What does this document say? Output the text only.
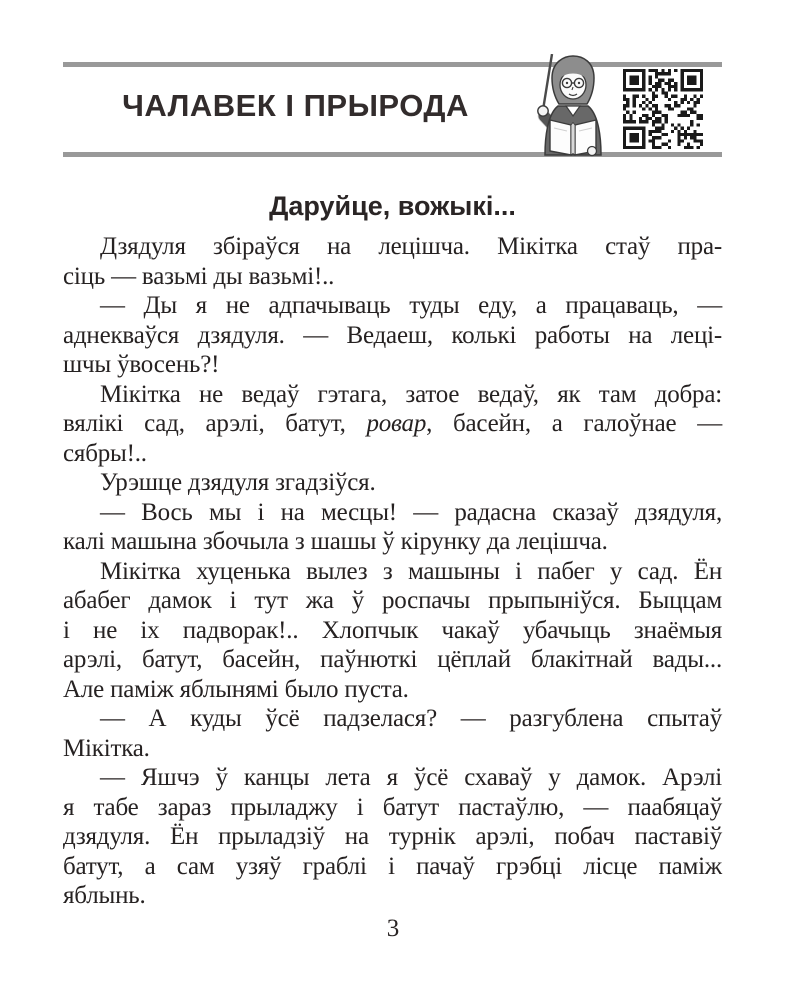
ЧАЛАВЕК І ПРЫРОДА
Даруйце, вожыкі...
Дзядуля збіраўся на лецішча. Мікітка стаў пра-
сіць — вазьмі ды вазьмі!..
— Ды я не адпачываць туды еду, а працаваць, —
аднекваўся дзядуля. — Ведаеш, колькі работы на леці-
шчы ўвосень?!
Мікітка не ведаў гэтага, затое ведаў, як там добра:
вялікі сад, арэлі, батут, ровар, басейн, а галоўнае —
сябры!..
Урэшце дзядуля згадзіўся.
— Вось мы і на месцы! — радасна сказаў дзядуля,
калі машына збочыла з шашы ў кірунку да лецішча.
Мікітка хуценька вылез з машыны і пабег у сад. Ён
абабег дамок і тут жа ў роспачы прыпыніўся. Быццам
і не іх падворак!.. Хлопчык чакаў убачыць знаёмыя
арэлі, батут, басейн, паўнюткі цёплай блакітнай вады...
Але паміж яблынямі было пуста.
— А куды ўсё падзелася? — разгублена спытаў
Мікітка.
— Яшчэ ў канцы лета я ўсё схаваў у дамок. Арэлі
я табе зараз прыладжу і батут пастаўлю, — паабяцаў
дзядуля. Ён прыладзіў на турнік арэлі, побач паставіў
батут, а сам узяў граблі і пачаў грэбці лісце паміж
яблынь.
3
